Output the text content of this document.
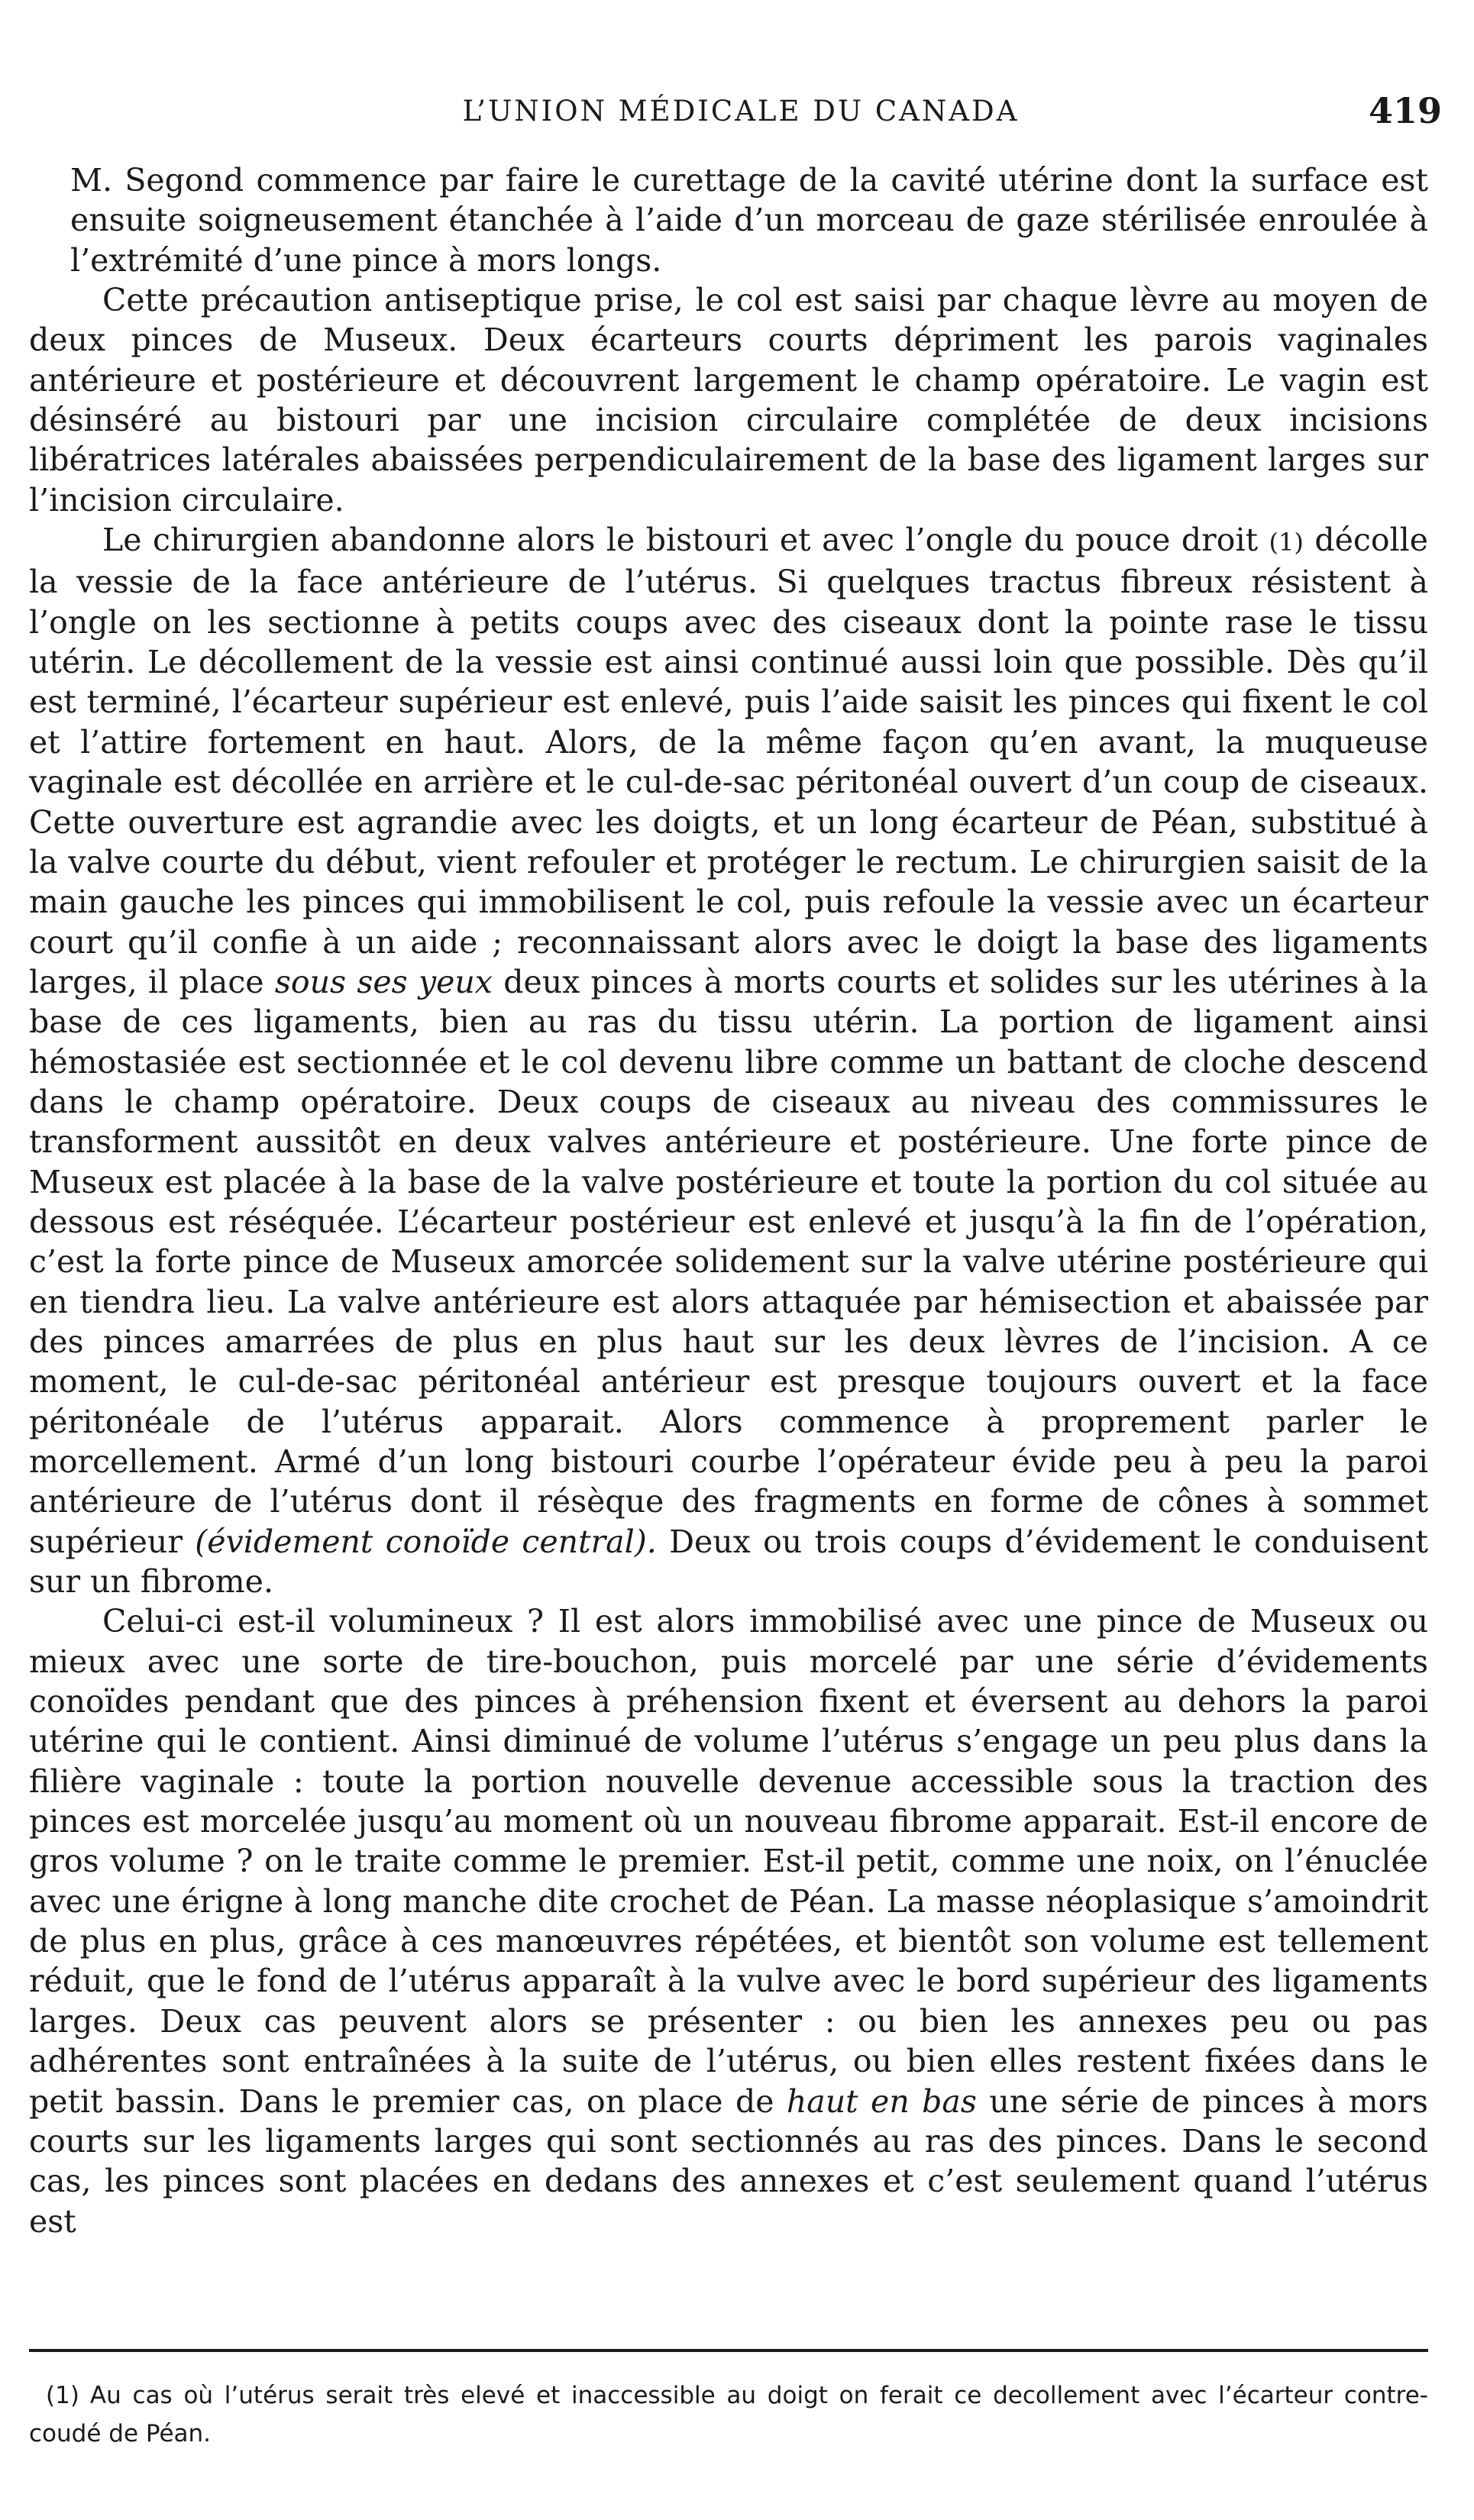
L’UNION MÉDICALE DU CANADA	419

M. Segond commence par faire le curettage de la cavité utérine dont la surface est ensuite soigneusement étanchée à l’aide d’un morceau de gaze stérilisée enroulée à l’extrémité d’une pince à mors longs.

Cette précaution antiseptique prise, le col est saisi par chaque lèvre au moyen de deux pinces de Museux. Deux écarteurs courts dépriment les parois vaginales antérieure et postérieure et découvrent largement le champ opératoire. Le vagin est désinséré au bistouri par une incision circulaire complétée de deux incisions libératrices latérales abaissées perpendiculairement de la base des ligament larges sur l’incision circulaire.

Le chirurgien abandonne alors le bistouri et avec l’ongle du pouce droit (1) décolle la vessie de la face antérieure de l’utérus. Si quelques tractus fibreux résistent à l’ongle on les sectionne à petits coups avec des ciseaux dont la pointe rase le tissu utérin. Le décollement de la vessie est ainsi continué aussi loin que possible. Dès qu’il est terminé, l’écarteur supérieur est enlevé, puis l’aide saisit les pinces qui fixent le col et l’attire fortement en haut. Alors, de la même façon qu’en avant, la muqueuse vaginale est décollée en arrière et le cul-de-sac péritonéal ouvert d’un coup de ciseaux. Cette ouverture est agrandie avec les doigts, et un long écarteur de Péan, substitué à la valve courte du début, vient refouler et protéger le rectum. Le chirurgien saisit de la main gauche les pinces qui immobilisent le col, puis refoule la vessie avec un écarteur court qu’il confie à un aide ; reconnaissant alors avec le doigt la base des ligaments larges, il place sous ses yeux deux pinces à morts courts et solides sur les utérines à la base de ces ligaments, bien au ras du tissu utérin. La portion de ligament ainsi hémostasiée est sectionnée et le col devenu libre comme un battant de cloche descend dans le champ opératoire. Deux coups de ciseaux au niveau des commissures le transforment aussitôt en deux valves antérieure et postérieure. Une forte pince de Museux est placée à la base de la valve postérieure et toute la portion du col située au dessous est réséquée. L’écarteur postérieur est enlevé et jusqu’à la fin de l’opération, c’est la forte pince de Museux amorcée solidement sur la valve utérine postérieure qui en tiendra lieu. La valve antérieure est alors attaquée par hémisection et abaissée par des pinces amarrées de plus en plus haut sur les deux lèvres de l’incision. A ce moment, le cul-de-sac péritonéal antérieur est presque toujours ouvert et la face péritonéale de l’utérus apparait. Alors commence à proprement parler le morcellement. Armé d’un long bistouri courbe l’opérateur évide peu à peu la paroi antérieure de l’utérus dont il résèque des fragments en forme de cônes à sommet supérieur (évidement conoïde central). Deux ou trois coups d’évidement le conduisent sur un fibrome.

Celui-ci est-il volumineux ? Il est alors immobilisé avec une pince de Museux ou mieux avec une sorte de tire-bouchon, puis morcelé par une série d’évidements conoïdes pendant que des pinces à préhension fixent et éversent au dehors la paroi utérine qui le contient. Ainsi diminué de volume l’utérus s’engage un peu plus dans la filière vaginale : toute la portion nouvelle devenue accessible sous la traction des pinces est morcelée jusqu’au moment où un nouveau fibrome apparait. Est-il encore de gros volume ? on le traite comme le premier. Est-il petit, comme une noix, on l’énuclée avec une érigne à long manche dite crochet de Péan. La masse néoplasique s’amoindrit de plus en plus, grâce à ces manœuvres répétées, et bientôt son volume est tellement réduit, que le fond de l’utérus apparaît à la vulve avec le bord supérieur des ligaments larges. Deux cas peuvent alors se présenter : ou bien les annexes peu ou pas adhérentes sont entraînées à la suite de l’utérus, ou bien elles restent fixées dans le petit bassin. Dans le premier cas, on place de haut en bas une série de pinces à mors courts sur les ligaments larges qui sont sectionnés au ras des pinces. Dans le second cas, les pinces sont placées en dedans des annexes et c’est seulement quand l’utérus est

(1) Au cas où l’utérus serait très elevé et inaccessible au doigt on ferait ce decollement avec l’écarteur contre-coudé de Péan.
